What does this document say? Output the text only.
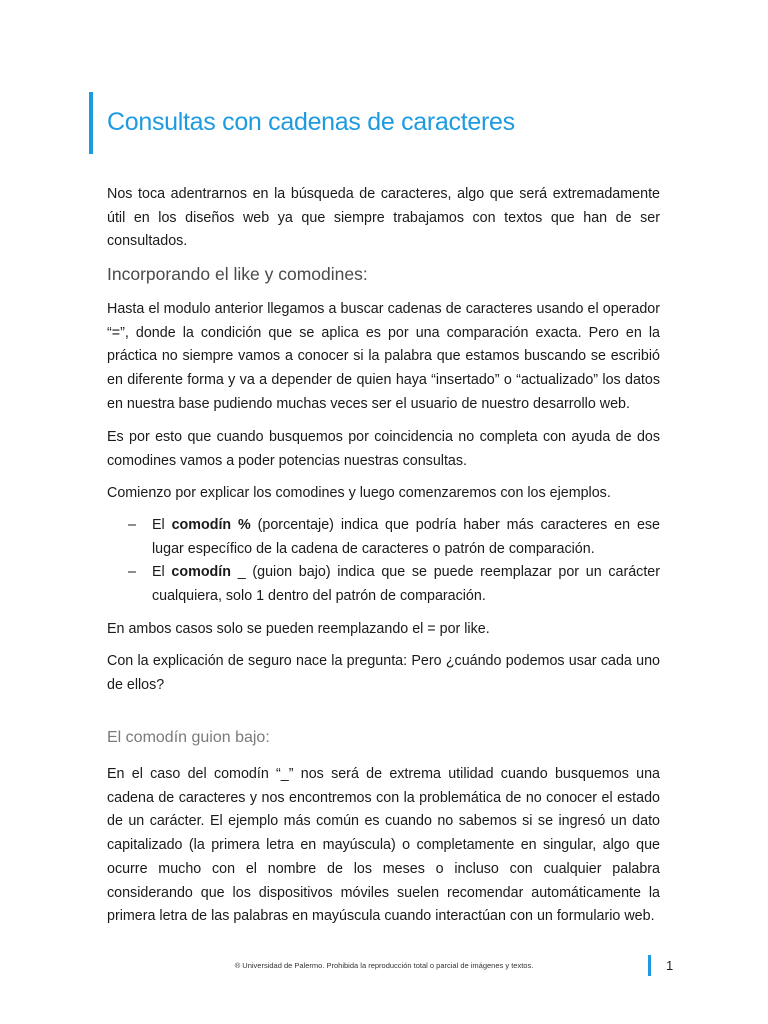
Consultas con cadenas de caracteres

Nos toca adentrarnos en la búsqueda de caracteres, algo que será extremadamente útil en los diseños web ya que siempre trabajamos con textos que han de ser consultados.

Incorporando el like y comodines:

Hasta el modulo anterior llegamos a buscar cadenas de caracteres usando el operador “=”, donde la condición que se aplica es por una comparación exacta. Pero en la práctica no siempre vamos a conocer si la palabra que estamos buscando se escribió en diferente forma y va a depender de quien haya “insertado” o “actualizado” los datos en nuestra base pudiendo muchas veces ser el usuario de nuestro desarrollo web.

Es por esto que cuando busquemos por coincidencia no completa con ayuda de dos comodines vamos a poder potencias nuestras consultas.

Comienzo por explicar los comodines y luego comenzaremos con los ejemplos.

– El comodín % (porcentaje) indica que podría haber más caracteres en ese lugar específico de la cadena de caracteres o patrón de comparación.

– El comodín _ (guion bajo) indica que se puede reemplazar por un carácter cualquiera, solo 1 dentro del patrón de comparación.

En ambos casos solo se pueden reemplazando el = por like.

Con la explicación de seguro nace la pregunta: Pero ¿cuándo podemos usar cada uno de ellos?

El comodín guion bajo:

En el caso del comodín “_” nos será de extrema utilidad cuando busquemos una cadena de caracteres y nos encontremos con la problemática de no conocer el estado de un carácter. El ejemplo más común es cuando no sabemos si se ingresó un dato capitalizado (la primera letra en mayúscula) o completamente en singular, algo que ocurre mucho con el nombre de los meses o incluso con cualquier palabra considerando que los dispositivos móviles suelen recomendar automáticamente la primera letra de las palabras en mayúscula cuando interactúan con un formulario web.

® Universidad de Palermo. Prohibida la reproducción total o parcial de imágenes y textos.	1
